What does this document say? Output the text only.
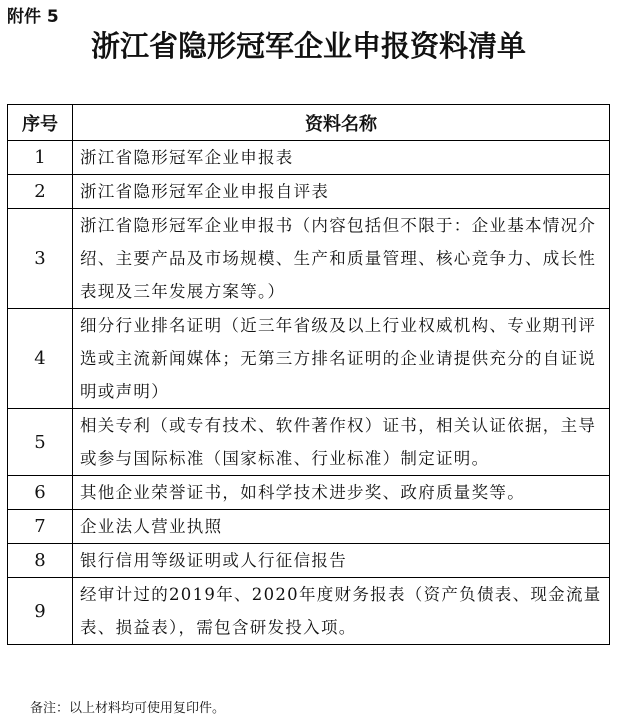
附件 5
浙江省隐形冠军企业申报资料清单
序号	资料名称
1	浙江省隐形冠军企业申报表
2	浙江省隐形冠军企业申报自评表
3	浙江省隐形冠军企业申报书（内容包括但不限于：企业基本情况介绍、主要产品及市场规模、生产和质量管理、核心竞争力、成长性表现及三年发展方案等。）
4	细分行业排名证明（近三年省级及以上行业权威机构、专业期刊评选或主流新闻媒体；无第三方排名证明的企业请提供充分的自证说明或声明）
5	相关专利（或专有技术、软件著作权）证书，相关认证依据，主导或参与国际标准（国家标准、行业标准）制定证明。
6	其他企业荣誉证书，如科学技术进步奖、政府质量奖等。
7	企业法人营业执照
8	银行信用等级证明或人行征信报告
9	经审计过的2019年、2020年度财务报表（资产负债表、现金流量表、损益表），需包含研发投入项。
备注：以上材料均可使用复印件。
